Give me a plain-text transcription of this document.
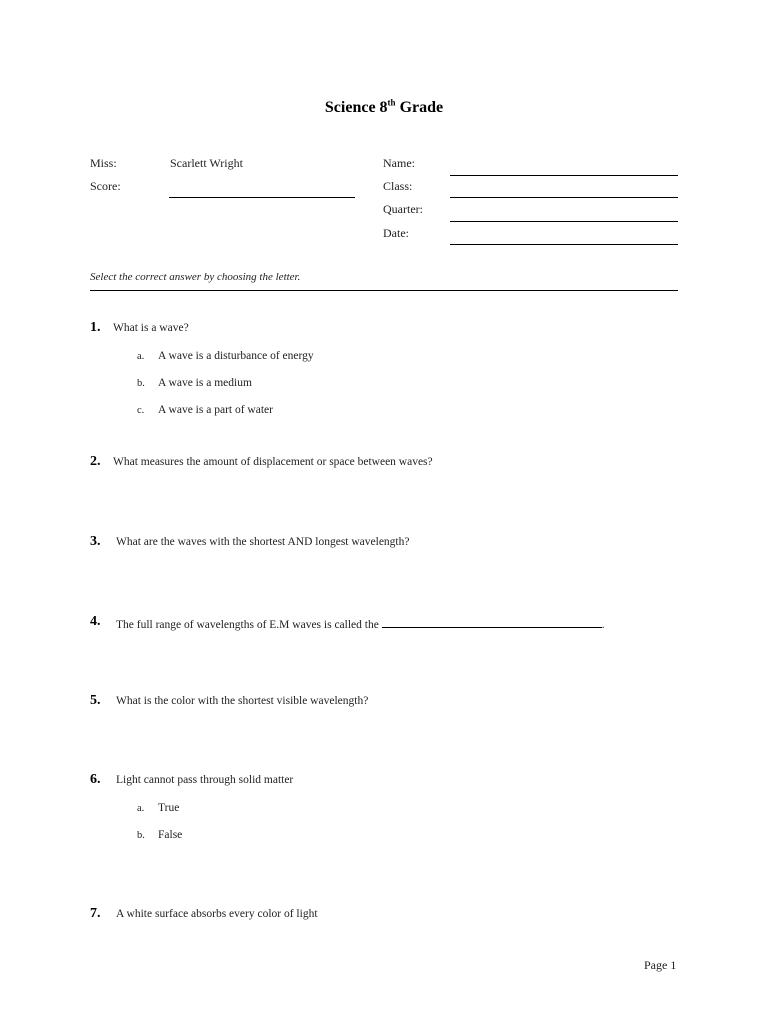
Science 8th Grade
Miss:	Scarlett Wright
Score:
Name:
Class:
Quarter:
Date:
Select the correct answer by choosing the letter.
1. What is a wave?
a. A wave is a disturbance of energy
b. A wave is a medium
c. A wave is a part of water
2. What measures the amount of displacement or space between waves?
3. What are the waves with the shortest AND longest wavelength?
4. The full range of wavelengths of E.M waves is called the	.
5. What is the color with the shortest visible wavelength?
6. Light cannot pass through solid matter
a. True
b. False
7. A white surface absorbs every color of light
Page 1
